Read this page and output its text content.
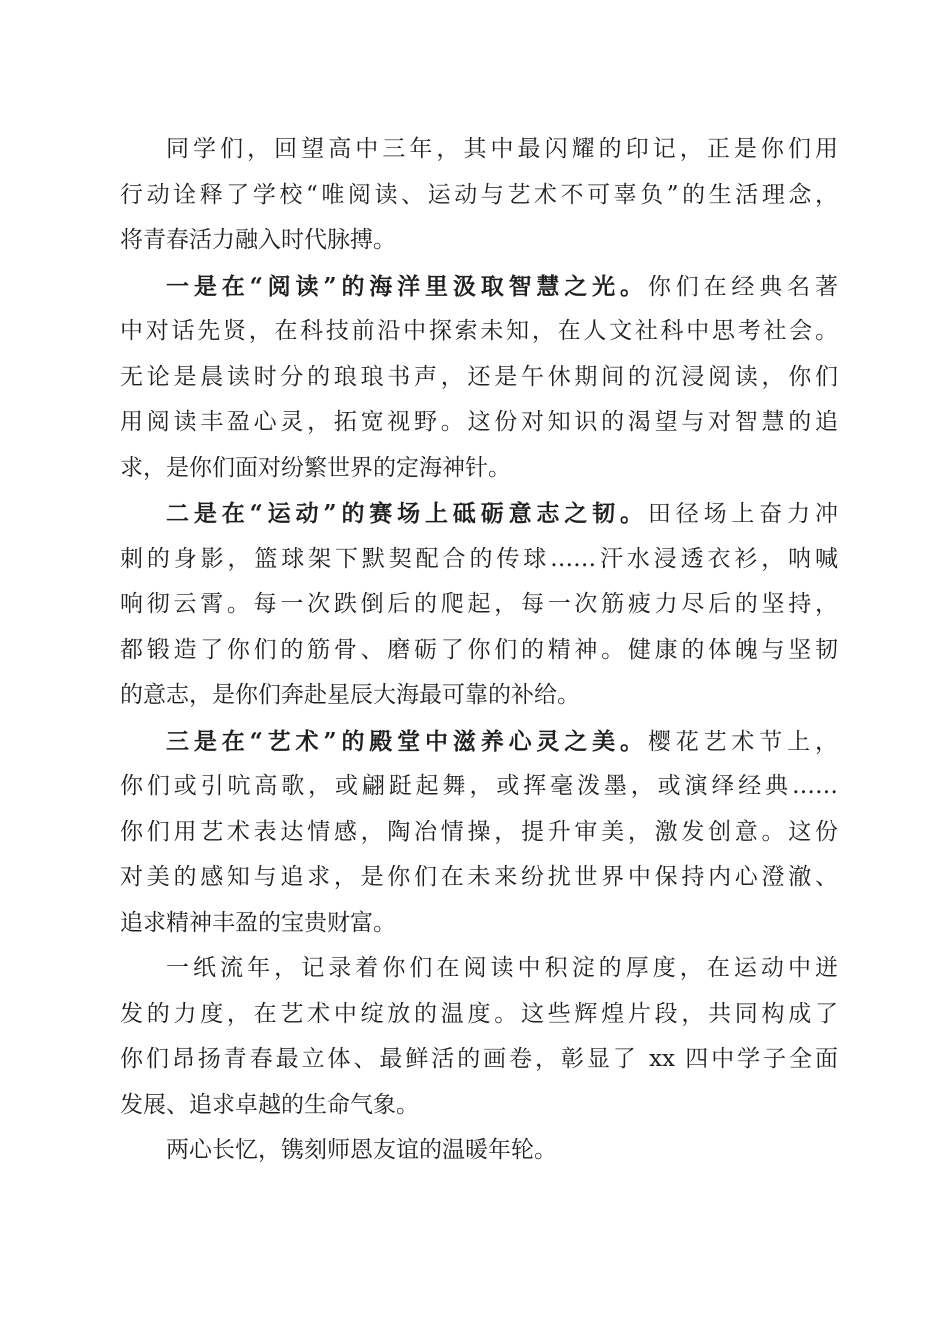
同学们，回望高中三年，其中最闪耀的印记，正是你们用
行动诠释了学校“唯阅读、运动与艺术不可辜负”的生活理念，
将青春活力融入时代脉搏。
一是在“阅读”的海洋里汲取智慧之光。你们在经典名著
中对话先贤，在科技前沿中探索未知，在人文社科中思考社会。
无论是晨读时分的琅琅书声，还是午休期间的沉浸阅读，你们
用阅读丰盈心灵，拓宽视野。这份对知识的渴望与对智慧的追
求，是你们面对纷繁世界的定海神针。
二是在“运动”的赛场上砥砺意志之韧。田径场上奋力冲
刺的身影，篮球架下默契配合的传球……汗水浸透衣衫，呐喊
响彻云霄。每一次跌倒后的爬起，每一次筋疲力尽后的坚持，
都锻造了你们的筋骨、磨砺了你们的精神。健康的体魄与坚韧
的意志，是你们奔赴星辰大海最可靠的补给。
三是在“艺术”的殿堂中滋养心灵之美。樱花艺术节上，
你们或引吭高歌，或翩跹起舞，或挥毫泼墨，或演绎经典……
你们用艺术表达情感，陶冶情操，提升审美，激发创意。这份
对美的感知与追求，是你们在未来纷扰世界中保持内心澄澈、
追求精神丰盈的宝贵财富。
一纸流年，记录着你们在阅读中积淀的厚度，在运动中迸
发的力度，在艺术中绽放的温度。这些辉煌片段，共同构成了
你们昂扬青春最立体、最鲜活的画卷，彰显了 xx 四中学子全面
发展、追求卓越的生命气象。
两心长忆，镌刻师恩友谊的温暖年轮。
